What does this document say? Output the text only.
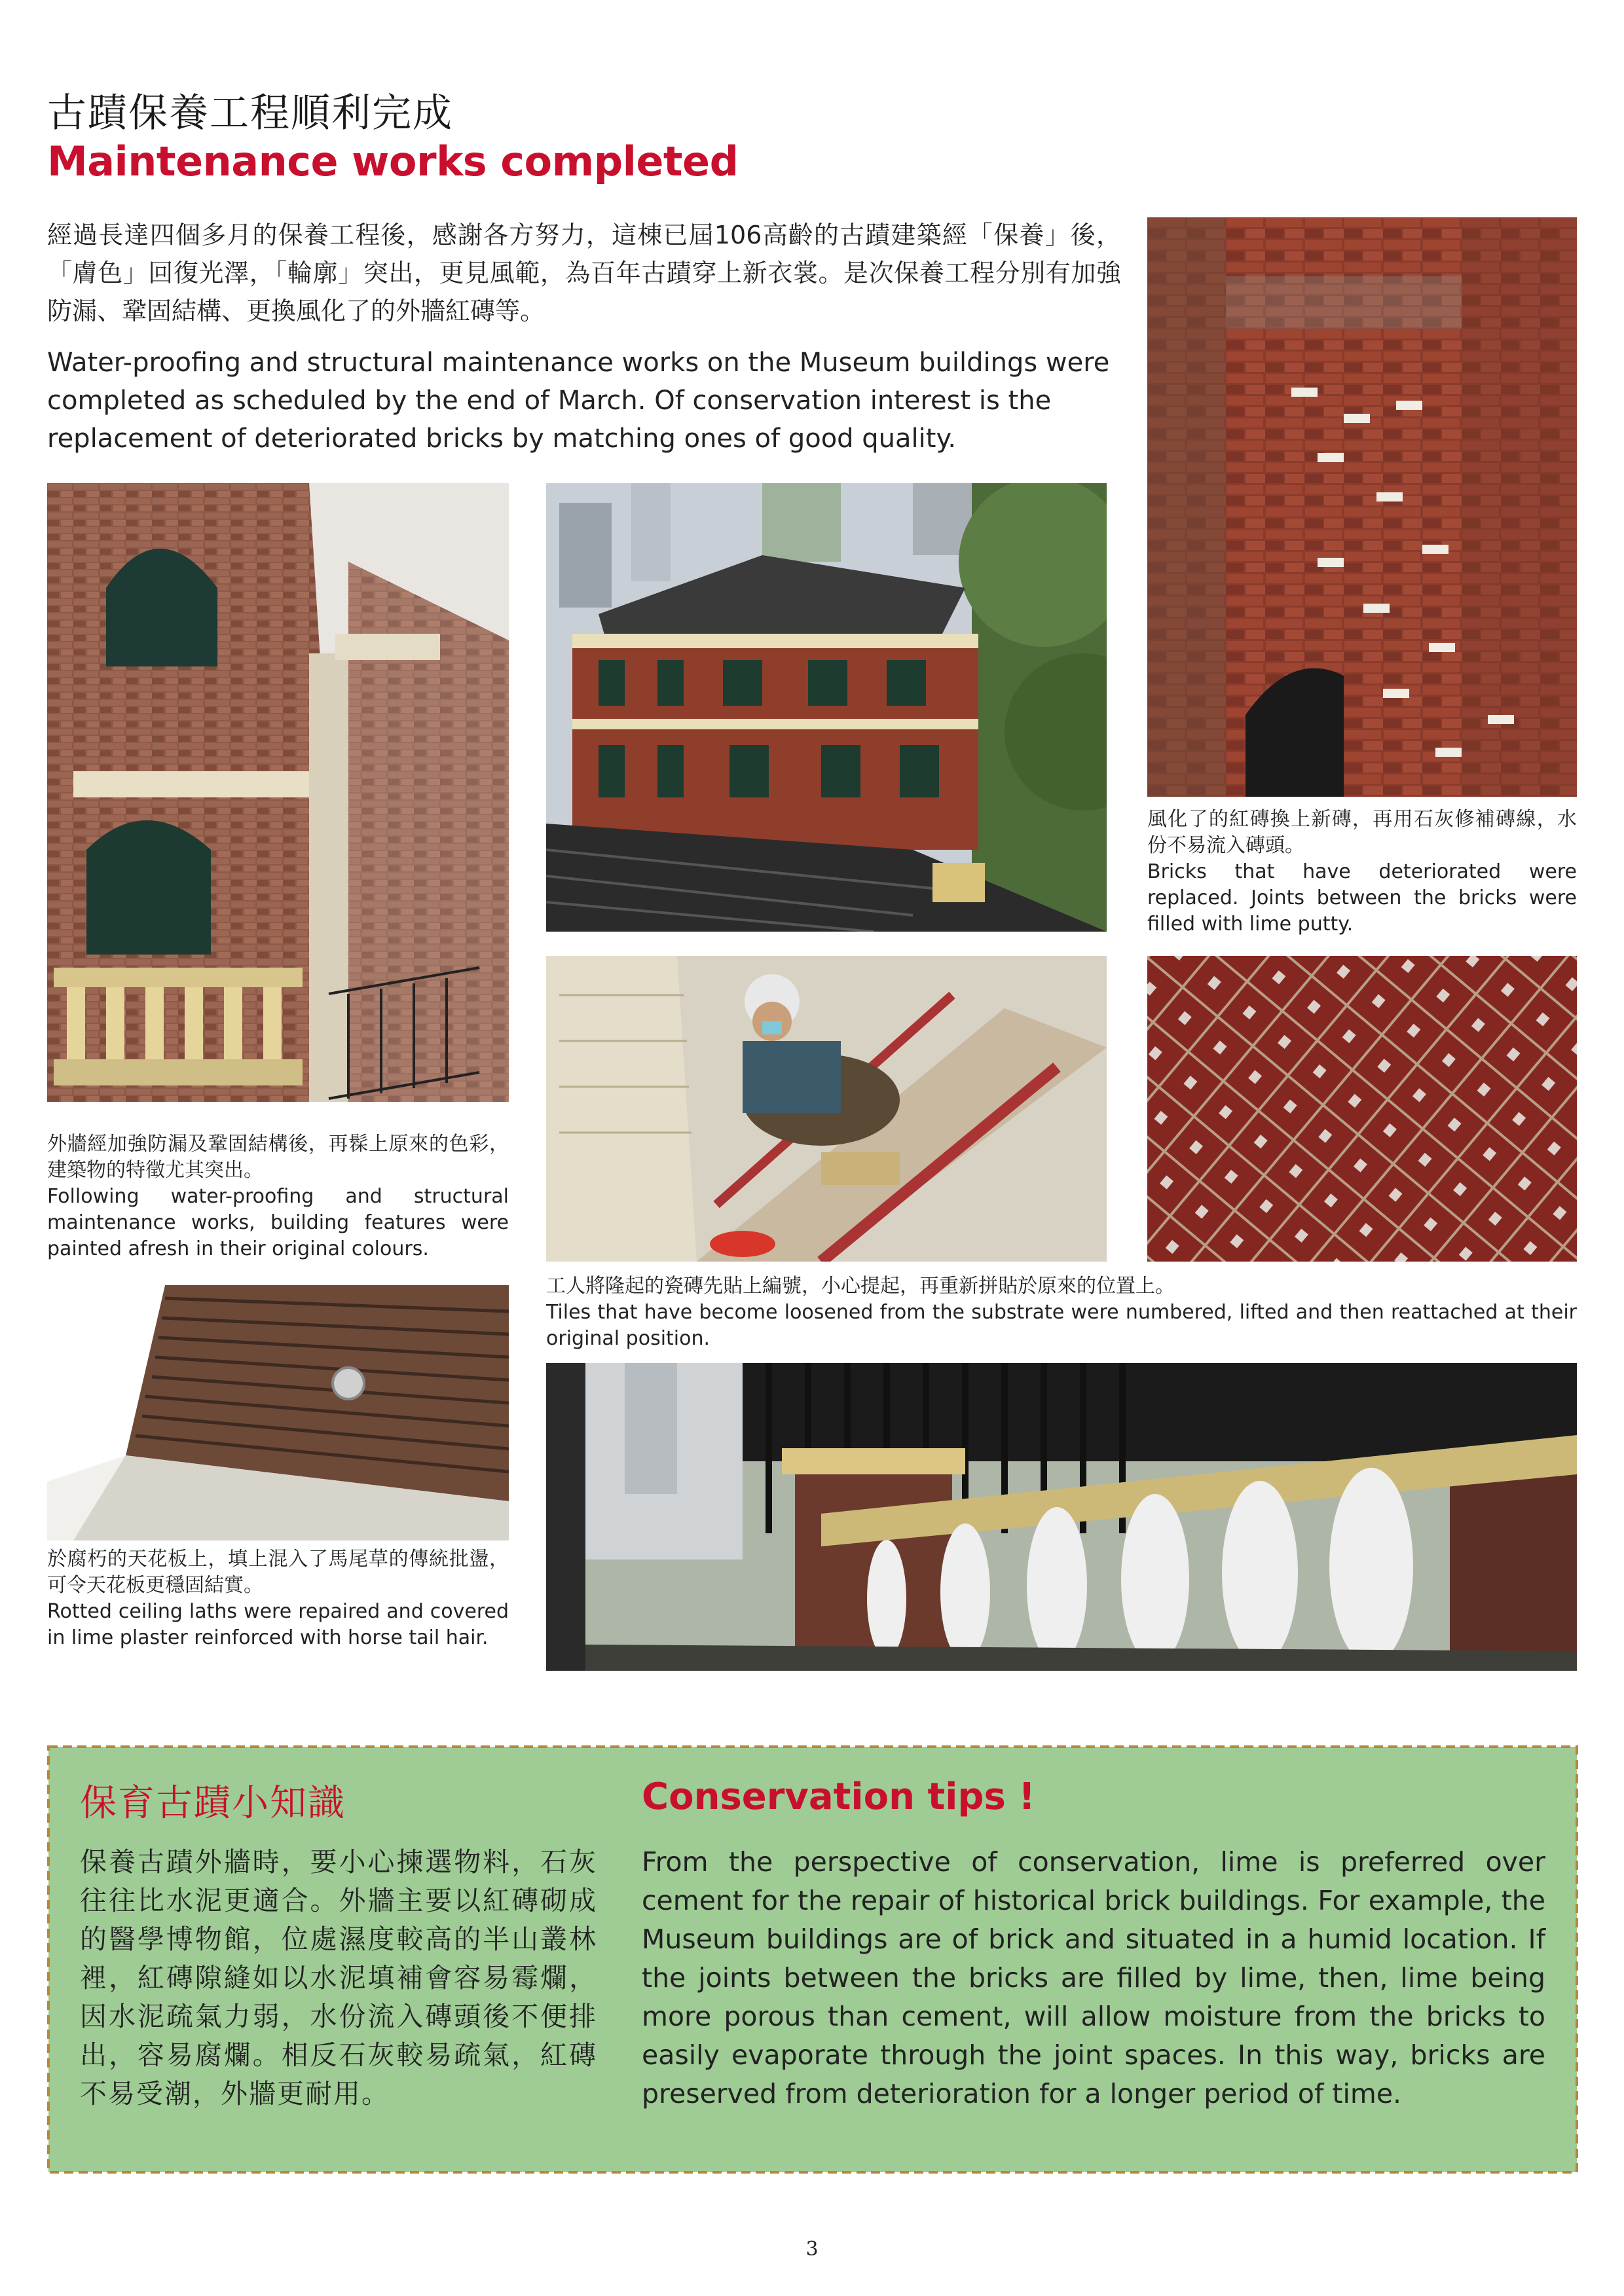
古蹟保養工程順利完成
Maintenance works completed
經過長達四個多月的保養工程後，感謝各方努力，這棟已屆106高齡的古蹟建築經「保養」後，「膚色」回復光澤，「輪廓」突出，更見風範，為百年古蹟穿上新衣裳。是次保養工程分別有加強防漏、鞏固結構、更換風化了的外牆紅磚等。
Water-proofing and structural maintenance works on the Museum buildings were completed as scheduled by the end of March. Of conservation interest is the replacement of deteriorated bricks by matching ones of good quality.
風化了的紅磚換上新磚，再用石灰修補磚線，水份不易流入磚頭。
Bricks that have deteriorated were replaced. Joints between the bricks were filled with lime putty.
外牆經加強防漏及鞏固結構後，再髹上原來的色彩，建築物的特徵尤其突出。
Following water-proofing and structural maintenance works, building features were painted afresh in their original colours.
工人將隆起的瓷磚先貼上編號，小心提起，再重新拼貼於原來的位置上。
Tiles that have become loosened from the substrate were numbered, lifted and then reattached at their original position.
於腐朽的天花板上，填上混入了馬尾草的傳統批盪，可令天花板更穩固結實。
Rotted ceiling laths were repaired and covered in lime plaster reinforced with horse tail hair.
保育古蹟小知識	Conservation tips !
保養古蹟外牆時，要小心揀選物料，石灰往往比水泥更適合。外牆主要以紅磚砌成的醫學博物館，位處濕度較高的半山叢林裡，紅磚隙縫如以水泥填補會容易霉爛，因水泥疏氣力弱，水份流入磚頭後不便排出，容易腐爛。相反石灰較易疏氣，紅磚不易受潮，外牆更耐用。
From the perspective of conservation, lime is preferred over cement for the repair of historical brick buildings. For example, the Museum buildings are of brick and situated in a humid location. If the joints between the bricks are filled by lime, then, lime being more porous than cement, will allow moisture from the bricks to easily evaporate through the joint spaces. In this way, bricks are preserved from deterioration for a longer period of time.
3
